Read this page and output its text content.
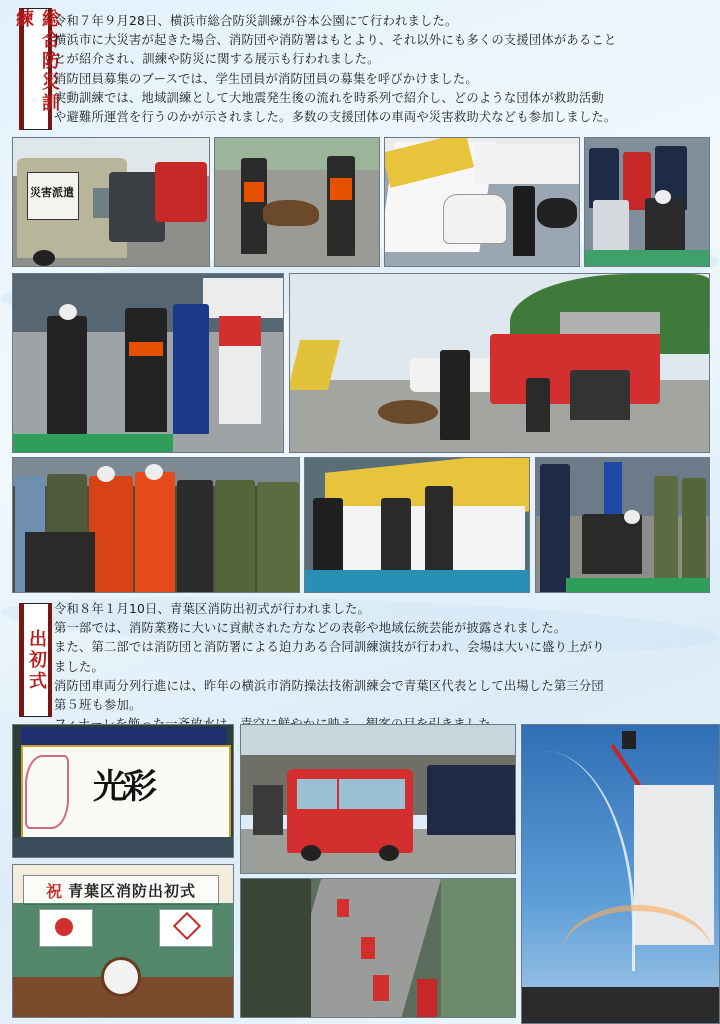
総合防災訓練	令和７年９月28日、横浜市総合防災訓練が谷本公園にて行われました。

横浜市に大災害が起きた場合、消防団や消防署はもとより、それ以外にも多くの支援団体があること

とが紹介され、訓練や防災に関する展示も行われました。

消防団員募集のブースでは、学生団員が消防団員の募集を呼びかけました。

実動訓練では、地域訓練として大地震発生後の流れを時系列で紹介し、どのような団体が救助活動

や避難所運営を行うのかが示されました。多数の支援団体の車両や災害救助犬なども参加しました。

災害派遣
出初式

令和８年１月10日、青葉区消防出初式が行われました。

第一部では、消防業務に大いに貢献された方などの表彰や地域伝統芸能が披露されました。

また、第二部では消防団と消防署による迫力ある合同訓練演技が行われ、会場は大いに盛り上がり

ました。

消防団車両分列行進には、昨年の横浜市消防操法技術訓練会で青葉区代表として出場した第三分団

第５班も参加。

光彩
祝 青葉区消防出初式
